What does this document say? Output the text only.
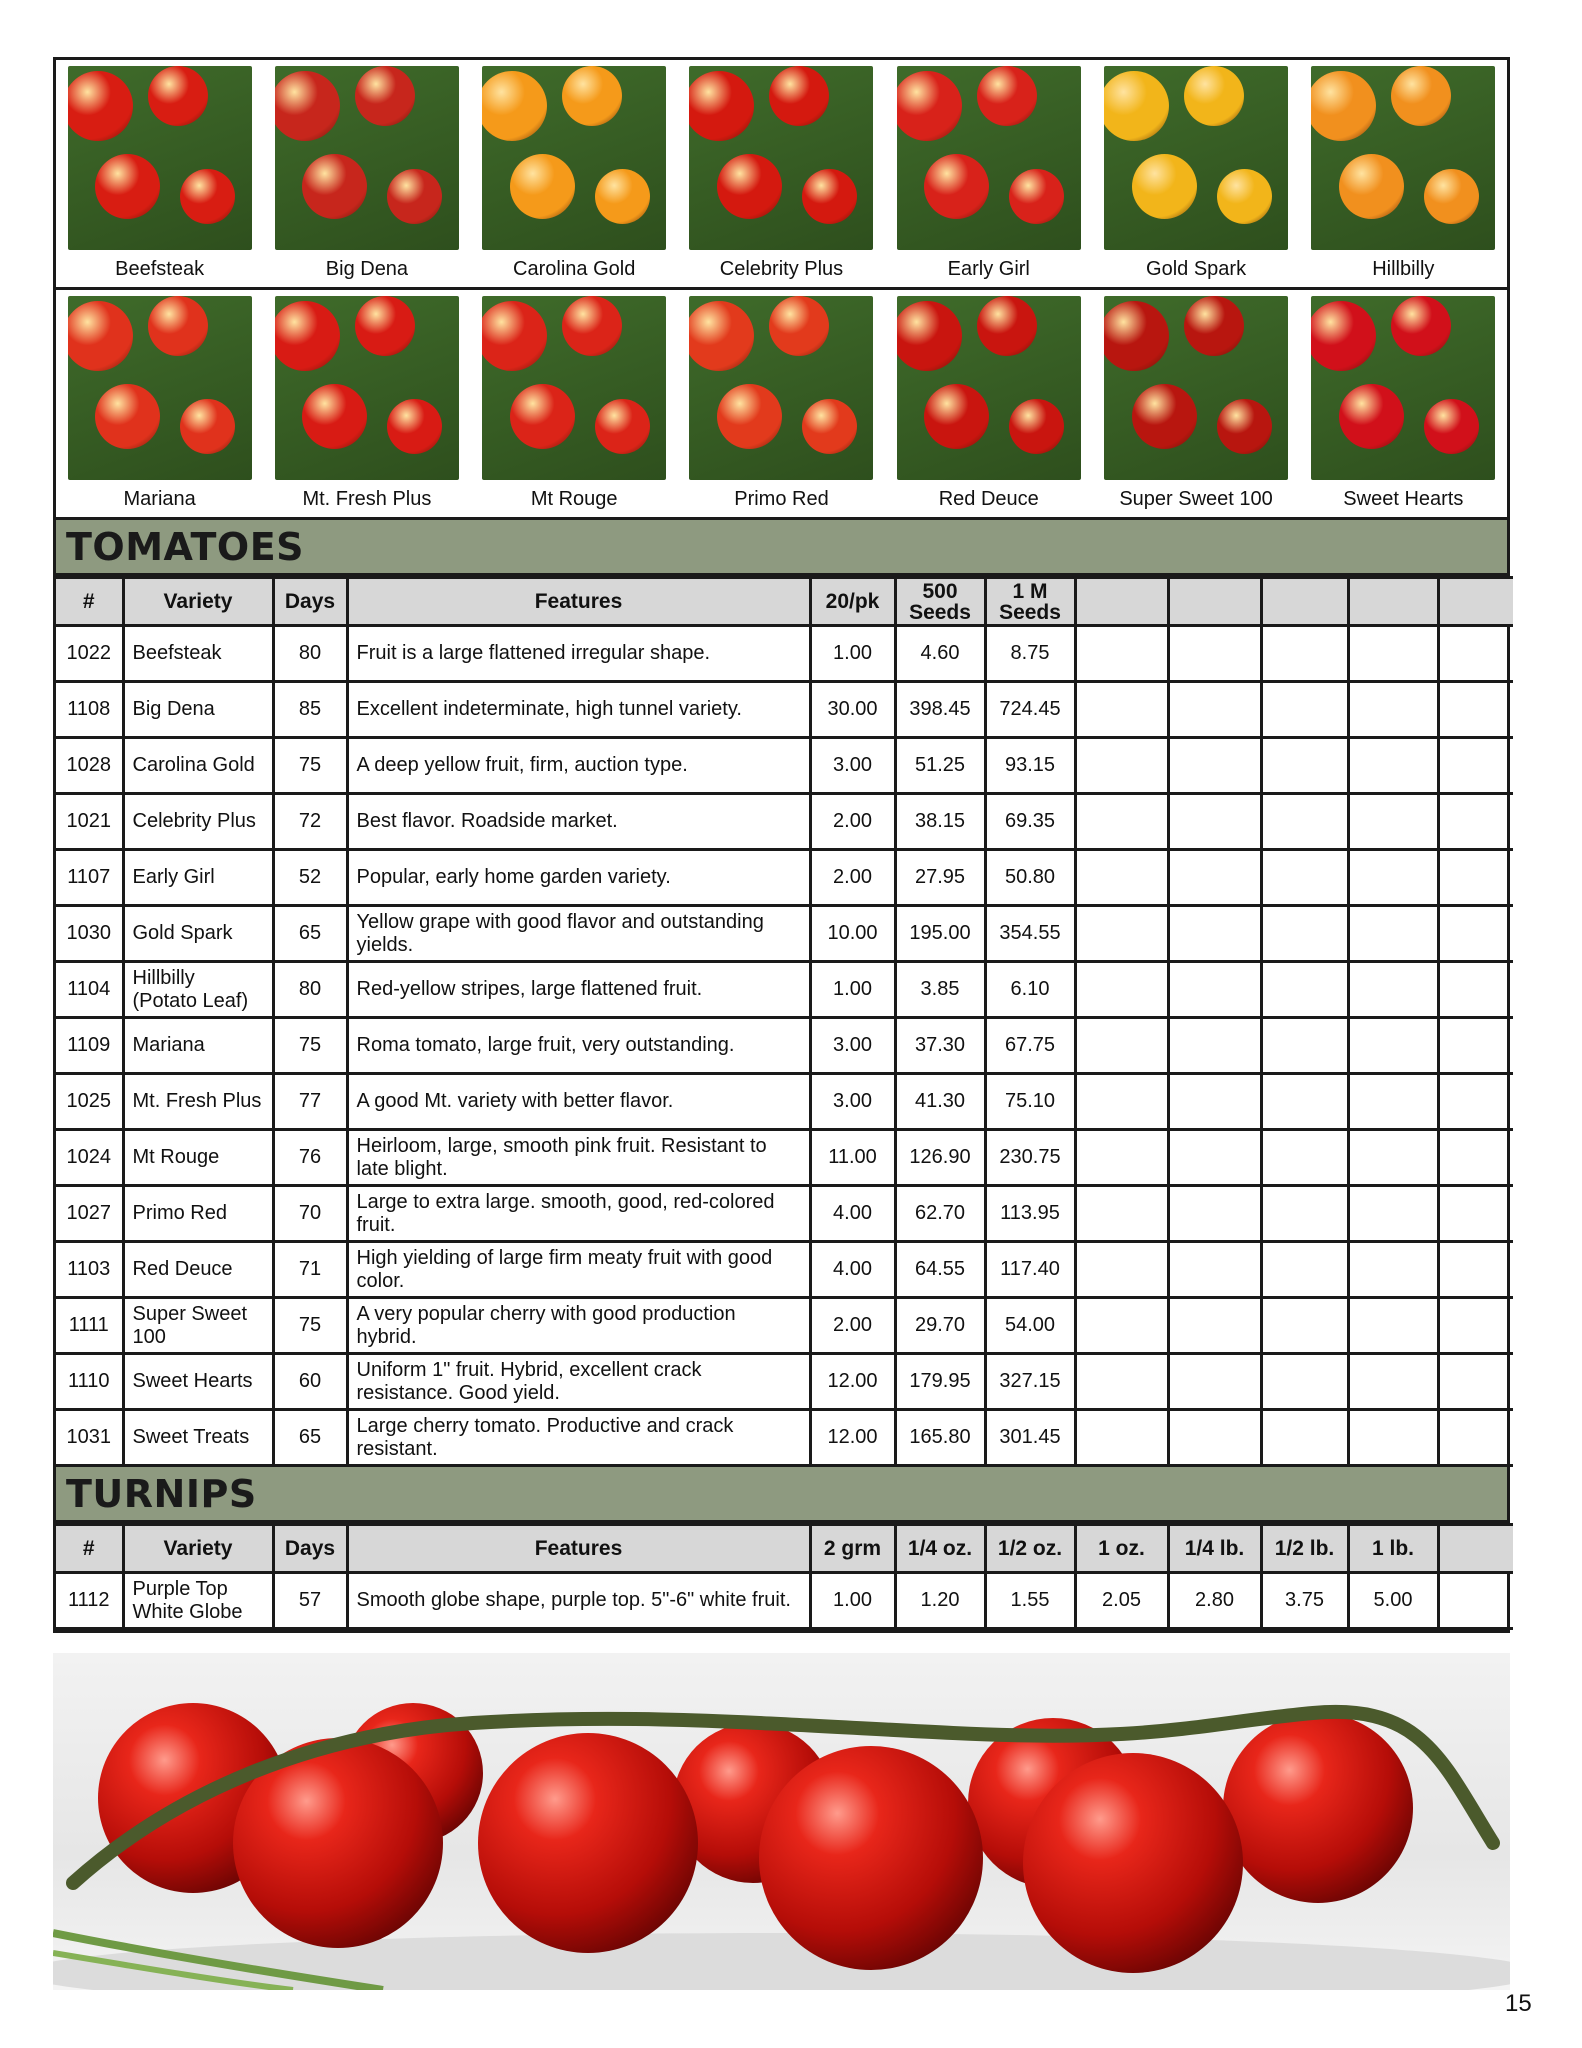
Beefsteak	Big Dena	Carolina Gold	Celebrity Plus	Early Girl	Gold Spark	Hillbilly
Mariana	Mt. Fresh Plus	Mt Rouge	Primo Red	Red Deuce	Super Sweet 100	Sweet Hearts
TOMATOES
#	Variety	Days	Features	20/pk	500 Seeds	1 M Seeds					
1022	Beefsteak	80	Fruit is a large flattened irregular shape.	1.00	4.60	8.75					
1108	Big Dena	85	Excellent indeterminate, high tunnel variety.	30.00	398.45	724.45					
1028	Carolina Gold	75	A deep yellow fruit, firm, auction type.	3.00	51.25	93.15					
1021	Celebrity Plus	72	Best flavor. Roadside market.	2.00	38.15	69.35					
1107	Early Girl	52	Popular, early home garden variety.	2.00	27.95	50.80					
1030	Gold Spark	65	Yellow grape with good flavor and outstanding yields.	10.00	195.00	354.55					
1104	Hillbilly (Potato Leaf)	80	Red-yellow stripes, large flattened fruit.	1.00	3.85	6.10					
1109	Mariana	75	Roma tomato, large fruit, very outstanding.	3.00	37.30	67.75					
1025	Mt. Fresh Plus	77	A good Mt. variety with better flavor.	3.00	41.30	75.10					
1024	Mt Rouge	76	Heirloom, large, smooth pink fruit. Resistant to late blight.	11.00	126.90	230.75					
1027	Primo Red	70	Large to extra large. smooth, good, red-colored fruit.	4.00	62.70	113.95					
1103	Red Deuce	71	High yielding of large firm meaty fruit with good color.	4.00	64.55	117.40					
1111	Super Sweet 100	75	A very popular cherry with good production hybrid.	2.00	29.70	54.00					
1110	Sweet Hearts	60	Uniform 1" fruit. Hybrid, excellent crack resistance. Good yield.	12.00	179.95	327.15					
1031	Sweet Treats	65	Large cherry tomato. Productive and crack resistant.	12.00	165.80	301.45					
TURNIPS
#	Variety	Days	Features	2 grm	1/4 oz.	1/2 oz.	1 oz.	1/4 lb.	1/2 lb.	1 lb.	
1112	Purple Top White Globe	57	Smooth globe shape, purple top. 5"-6" white fruit.	1.00	1.20	1.55	2.05	2.80	3.75	5.00	
15
